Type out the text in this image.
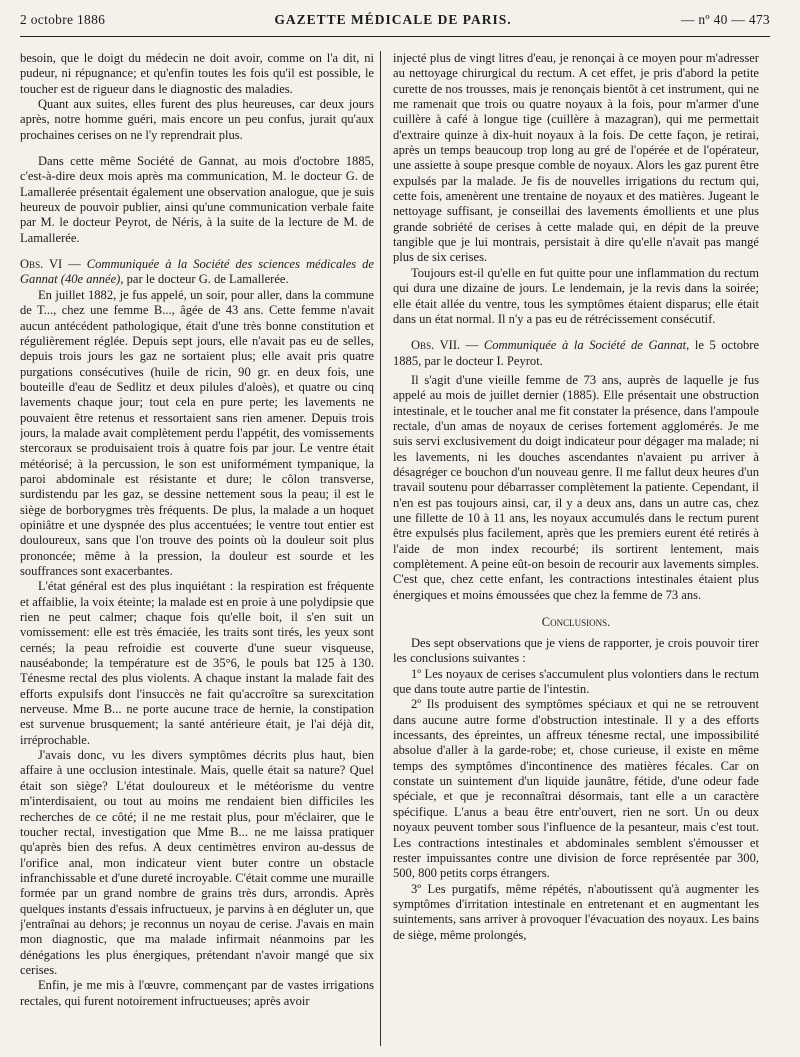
2 octobre 1886	GAZETTE MÉDICALE DE PARIS.	— nº 40 — 473

besoin, que le doigt du médecin ne doit avoir, comme on l'a dit, ni pudeur, ni répugnance; et qu'enfin toutes les fois qu'il est possible, le toucher est de rigueur dans le diagnostic des maladies.

Quant aux suites, elles furent des plus heureuses, car deux jours après, notre homme guéri, mais encore un peu confus, jurait qu'aux prochaines cerises on ne l'y reprendrait plus.

Dans cette même Société de Gannat, au mois d'octobre 1885, c'est-à-dire deux mois après ma communication, M. le docteur G. de Lamallerée présentait également une observation analogue, que je suis heureux de pouvoir publier, ainsi qu'une communication verbale faite par M. le docteur Peyrot, de Néris, à la suite de la lecture de M. de Lamallerée.

Obs. VI — Communiquée à la Société des sciences médicales de Gannat (40e année), par le docteur G. de Lamallerée.

En juillet 1882, je fus appelé, un soir, pour aller, dans la commune de T..., chez une femme B..., âgée de 43 ans. Cette femme n'avait aucun antécédent pathologique, était d'une très bonne constitution et régulièrement réglée. Depuis sept jours, elle n'avait pas eu de selles, depuis trois jours les gaz ne sortaient plus; elle avait pris quatre purgations consécutives (huile de ricin, 90 gr. en deux fois, une bouteille d'eau de Sedlitz et deux pilules d'aloès), et quatre ou cinq lavements chaque jour; tout cela en pure perte; les lavements ne pouvaient être retenus et ressortaient sans rien amener. Depuis trois jours, la malade avait complètement perdu l'appétit, des vomissements stercoraux se produisaient trois à quatre fois par jour. Le ventre était météorisé; à la percussion, le son est uniformément tympanique, la paroi abdominale est résistante et dure; le côlon transverse, surdistendu par les gaz, se dessine nettement sous la peau; il est le siège de borborygmes très fréquents. De plus, la malade a un hoquet opiniâtre et une dyspnée des plus accentuées; le ventre tout entier est douloureux, sans que l'on trouve des points où la douleur soit plus prononcée; même à la pression, la douleur est sourde et les souffrances sont exacerbantes.

L'état général est des plus inquiétant : la respiration est fréquente et affaiblie, la voix éteinte; la malade est en proie à une polydipsie que rien ne peut calmer; chaque fois qu'elle boit, il s'en suit un vomissement: elle est très émaciée, les traits sont tirés, les yeux sont cernés; la peau refroidie est couverte d'une sueur visqueuse, nauséabonde; la température est de 35°6, le pouls bat 125 à 130. Ténesme rectal des plus violents. A chaque instant la malade fait des efforts expulsifs dont l'insuccès ne fait qu'accroître sa surexcitation nerveuse. Mme B... ne porte aucune trace de hernie, la constipation est survenue brusquement; la santé antérieure était, je l'ai déjà dit, irréprochable.

J'avais donc, vu les divers symptômes décrits plus haut, bien affaire à une occlusion intestinale. Mais, quelle était sa nature? Quel était son siège? L'état douloureux et le météorisme du ventre m'interdisaient, ou tout au moins me rendaient bien difficiles les recherches de ce côté; il ne me restait plus, pour m'éclairer, que le toucher rectal, investigation que Mme B... ne me laissa pratiquer qu'après bien des refus. A deux centimètres environ au-dessus de l'orifice anal, mon indicateur vient buter contre un obstacle infranchissable et d'une dureté incroyable. C'était comme une muraille formée par un grand nombre de grains très durs, arrondis. Après quelques instants d'essais infructueux, je parvins à en dégluter un, que j'entraînai au dehors; je reconnus un noyau de cerise. J'avais en main mon diagnostic, que ma malade infirmait néanmoins par les dénégations les plus énergiques, prétendant n'avoir mangé que six cerises.

Enfin, je me mis à l'œuvre, commençant par de vastes irrigations rectales, qui furent notoirement infructueuses; après avoir

injecté plus de vingt litres d'eau, je renonçai à ce moyen pour m'adresser au nettoyage chirurgical du rectum. A cet effet, je pris d'abord la petite curette de nos trousses, mais je renonçais bientôt à cet instrument, qui ne me ramenait que trois ou quatre noyaux à la fois, pour m'armer d'une cuillère à café à longue tige (cuillère à mazagran), qui me permettait d'extraire quinze à dix-huit noyaux à la fois. De cette façon, je retirai, après un temps beaucoup trop long au gré de l'opérée et de l'opérateur, une assiette à soupe presque comble de noyaux. Alors les gaz purent être expulsés par la malade. Je fis de nouvelles irrigations du rectum qui, cette fois, amenèrent une trentaine de noyaux et des matières. Jugeant le nettoyage suffisant, je conseillai des lavements émollients et une plus grande sobriété de cerises à cette malade qui, en dépit de la preuve tangible que je lui montrais, persistait à dire qu'elle n'avait pas mangé plus de six cerises.

Toujours est-il qu'elle en fut quitte pour une inflammation du rectum qui dura une dizaine de jours. Le lendemain, je la revis dans la soirée; elle était allée du ventre, tous les symptômes étaient disparus; elle était dans un état normal. Il n'y a pas eu de rétrécissement consécutif.

Obs. VII. — Communiquée à la Société de Gannat, le 5 octobre 1885, par le docteur I. Peyrot.

Il s'agit d'une vieille femme de 73 ans, auprès de laquelle je fus appelé au mois de juillet dernier (1885). Elle présentait une obstruction intestinale, et le toucher anal me fit constater la présence, dans l'ampoule rectale, d'un amas de noyaux de cerises fortement agglomérés. Je me suis servi exclusivement du doigt indicateur pour dégager ma malade; ni les lavements, ni les douches ascendantes n'avaient pu arriver à désagréger ce bouchon d'un nouveau genre. Il me fallut deux heures d'un travail soutenu pour débarrasser complètement la patiente. Cependant, il n'en est pas toujours ainsi, car, il y a deux ans, dans un autre cas, chez une fillette de 10 à 11 ans, les noyaux accumulés dans le rectum purent être expulsés plus facilement, après que les premiers eurent été retirés à l'aide de mon index recourbé; ils sortirent lentement, mais complètement. A peine eût-on besoin de recourir aux lavements simples. C'est que, chez cette enfant, les contractions intestinales étaient plus énergiques et moins émoussées que chez la femme de 73 ans.

Conclusions.

Des sept observations que je viens de rapporter, je crois pouvoir tirer les conclusions suivantes :

1º Les noyaux de cerises s'accumulent plus volontiers dans le rectum que dans toute autre partie de l'intestin.

2º Ils produisent des symptômes spéciaux et qui ne se retrouvent dans aucune autre forme d'obstruction intestinale. Il y a des efforts incessants, des épreintes, un affreux ténesme rectal, une impossibilité absolue d'aller à la garde-robe; et, chose curieuse, il existe en même temps des symptômes d'incontinence des matières fécales. Car on constate un suintement d'un liquide jaunâtre, fétide, d'une odeur fade spéciale, et que je reconnaîtrai désormais, tant elle a un caractère spécifique. L'anus a beau être entr'ouvert, rien ne sort. Un ou deux noyaux peuvent tomber sous l'influence de la pesanteur, mais c'est tout. Les contractions intestinales et abdominales semblent s'émousser et rester impuissantes contre une division de force représentée par 300, 500, 800 petits corps étrangers.

3º Les purgatifs, même répétés, n'aboutissent qu'à augmenter les symptômes d'irritation intestinale en entretenant et en augmentant les suintements, sans arriver à provoquer l'évacuation des noyaux. Les bains de siège, même prolongés,
